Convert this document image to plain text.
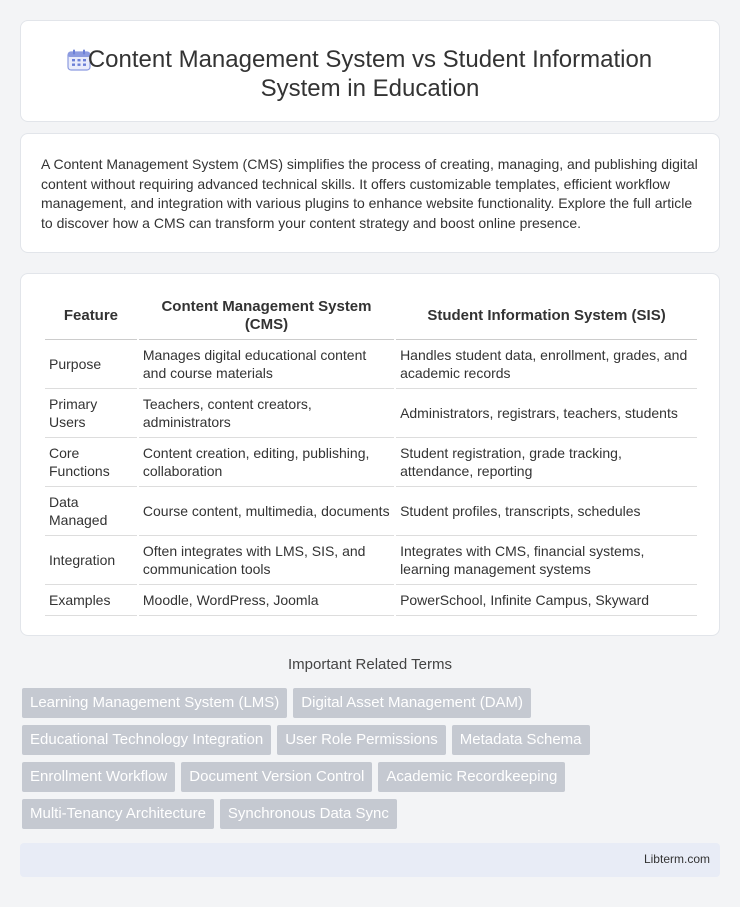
Content Management System vs Student Information System in Education

A Content Management System (CMS) simplifies the process of creating, managing, and publishing digital content without requiring advanced technical skills. It offers customizable templates, efficient workflow management, and integration with various plugins to enhance website functionality. Explore the full article to discover how a CMS can transform your content strategy and boost online presence.

Feature	Content Management System (CMS)	Student Information System (SIS)
Purpose	Manages digital educational content and course materials	Handles student data, enrollment, grades, and academic records
Primary Users	Teachers, content creators, administrators	Administrators, registrars, teachers, students
Core Functions	Content creation, editing, publishing, collaboration	Student registration, grade tracking, attendance, reporting
Data Managed	Course content, multimedia, documents	Student profiles, transcripts, schedules
Integration	Often integrates with LMS, SIS, and communication tools	Integrates with CMS, financial systems, learning management systems
Examples	Moodle, WordPress, Joomla	PowerSchool, Infinite Campus, Skyward
Important Related Terms
Learning Management System (LMS)	Digital Asset Management (DAM)
Educational Technology Integration	User Role Permissions	Metadata Schema
Enrollment Workflow	Document Version Control	Academic Recordkeeping
Multi-Tenancy Architecture	Synchronous Data Sync
Libterm.com
